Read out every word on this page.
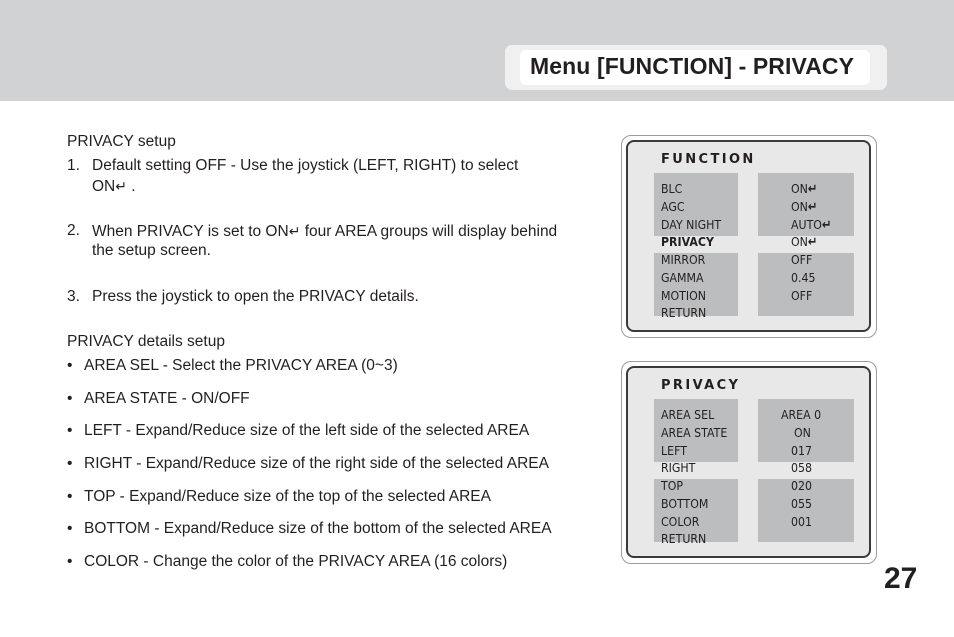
Menu [FUNCTION] - PRIVACY
PRIVACY setup
1. Default setting OFF - Use the joystick (LEFT, RIGHT) to select
ON↵ .
2. When PRIVACY is set to ON↵ four AREA groups will display behind
the setup screen.
3. Press the joystick to open the PRIVACY details.
PRIVACY details setup
• AREA SEL - Select the PRIVACY AREA (0~3)
• AREA STATE - ON/OFF
• LEFT - Expand/Reduce size of the left side of the selected AREA
• RIGHT - Expand/Reduce size of the right side of the selected AREA
• TOP - Expand/Reduce size of the top of the selected AREA
• BOTTOM - Expand/Reduce size of the bottom of the selected AREA
• COLOR - Change the color of the PRIVACY AREA (16 colors)
FUNCTION
BLC
AGC
DAY NIGHT
PRIVACY
MIRROR
GAMMA
MOTION
RETURN
ON↵
ON↵
AUTO↵
ON↵
OFF
0.45
OFF
PRIVACY
AREA SEL
AREA STATE
LEFT
RIGHT
TOP
BOTTOM
COLOR
RETURN
AREA 0
ON
017
058
020
055
001
27
